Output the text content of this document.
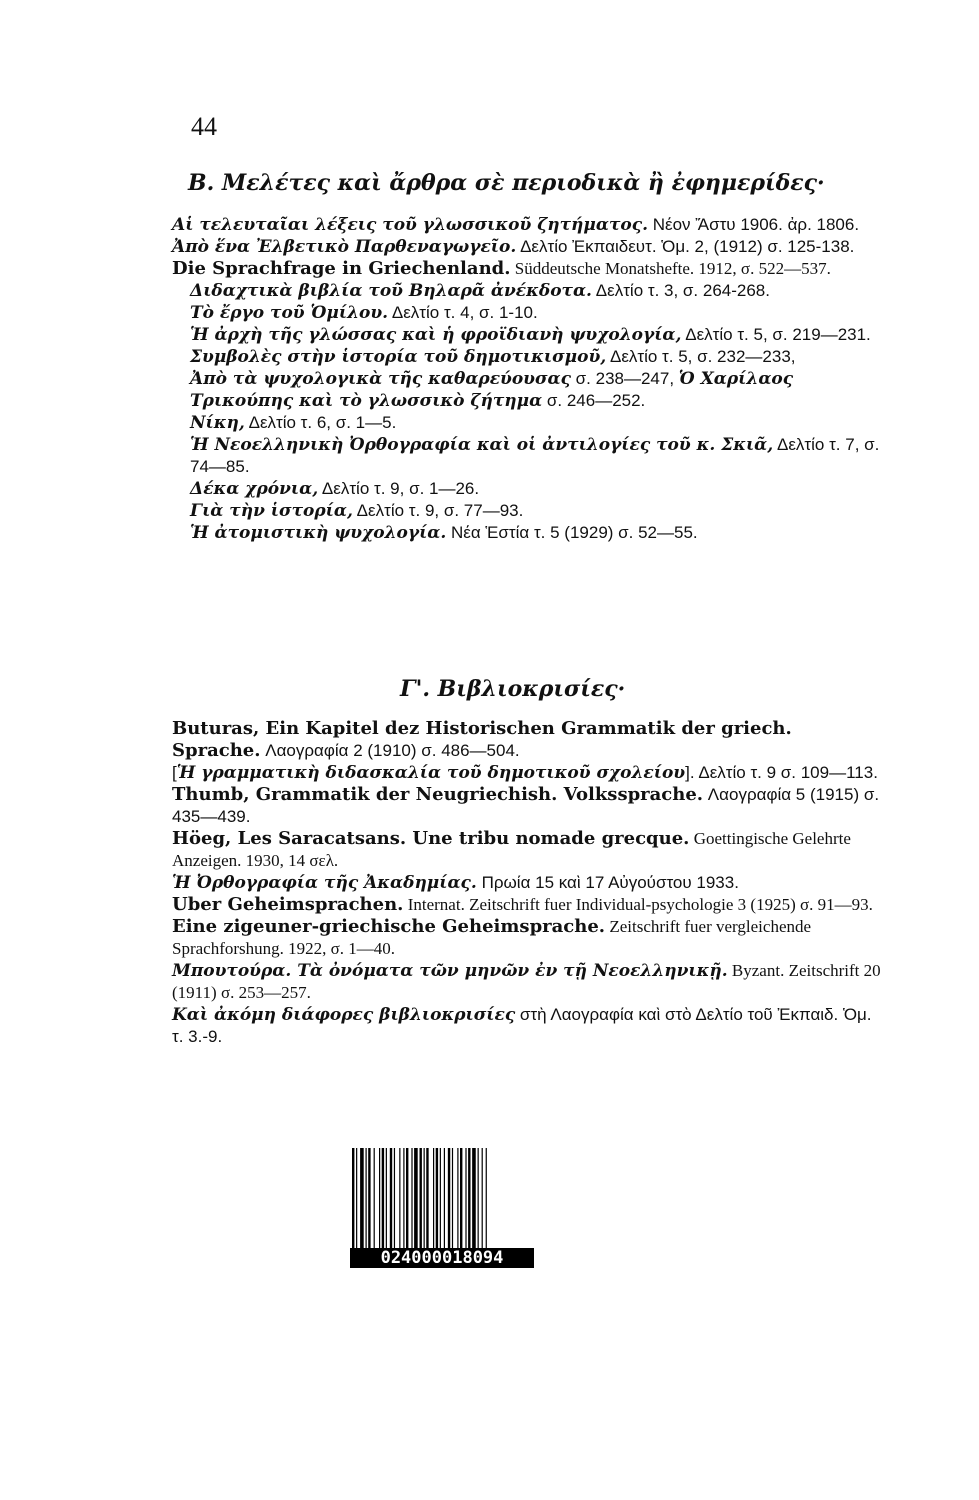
44
Β. Μελέτες καὶ ἄρθρα σὲ περιοδικὰ ἢ ἐφημερίδες·

Αἱ τελευταῖαι λέξεις τοῦ γλωσσικοῦ ζητήματος. Νέον Ἄστυ 1906. ἀρ. 1806.

Ἀπὸ ἕνα Ἐλβετικὸ Παρθεναγωγεῖο. Δελτίο Ἐκπαιδευτ. Ὁμ. 2, (1912) σ. 125-138.

Die Sprachfrage in Griechenland. Süddeutsche Monatshefte. 1912, σ. 522—537.

Διδαχτικὰ βιβλία τοῦ Βηλαρᾶ ἀνέκδοτα. Δελτίο τ. 3, σ. 264-268.

Τὸ ἔργο τοῦ Ὁμίλου. Δελτίο τ. 4, σ. 1-10.

Ἡ ἀρχὴ τῆς γλώσσας καὶ ἡ φροϊδιανὴ ψυχολογία, Δελτίο τ. 5, σ. 219—231.

Συμβολὲς στὴν ἱστορία τοῦ δημοτικισμοῦ, Δελτίο τ. 5, σ. 232—233,

Ἀπὸ τὰ ψυχολογικὰ τῆς καθαρεύουσας σ. 238—247, Ὁ Χαρίλαος Τρικούπης καὶ τὸ γλωσσικὸ ζήτημα σ. 246—252.

Νίκη, Δελτίο τ. 6, σ. 1—5.

Ἡ Νεοελληνικὴ Ὀρθογραφία καὶ οἱ ἀντιλογίες τοῦ κ. Σκιᾶ, Δελτίο τ. 7, σ. 74—85.

Δέκα χρόνια, Δελτίο τ. 9, σ. 1—26.

Γιὰ τὴν ἱστορία, Δελτίο τ. 9, σ. 77—93.

Ἡ ἀτομιστικὴ ψυχολογία. Νέα Ἑστία τ. 5 (1929) σ. 52—55.

Γ'. Βιβλιοκρισίες·

Buturas, Ein Kapitel dez Historischen Grammatik der griech. Sprache. Λαογραφία 2 (1910) σ. 486—504.

[Ἡ γραμματικὴ διδασκαλία τοῦ δημοτικοῦ σχολείου]. Δελτίο τ. 9 σ. 109—113.

Thumb, Grammatik der Neugriechish. Volkssprache. Λαογραφία 5 (1915) σ. 435—439.

Höeg, Les Saracatsans. Une tribu nomade grecque. Goettingische Gelehrte Anzeigen. 1930, 14 σελ.

Ἡ Ὀρθογραφία τῆς Ἀκαδημίας. Πρωία 15 καὶ 17 Αὐγούστου 1933.

Uber Geheimsprachen. Internat. Zeitschrift fuer Individual-psychologie 3 (1925) σ. 91—93.

Eine zigeuner-griechische Geheimsprache. Zeitschrift fuer vergleichende Sprachforshung. 1922, σ. 1—40.

Μπουτούρα. Τὰ ὀνόματα τῶν μηνῶν ἐν τῇ Νεοελληνικῇ. Byzant. Zeitschrift 20 (1911) σ. 253—257.

Καὶ ἀκόμη διάφορες βιβλιοκρισίες στὴ Λαογραφία καὶ στὸ Δελτίο τοῦ Ἐκπαιδ. Ὁμ. τ. 3.-9.

024000018094
